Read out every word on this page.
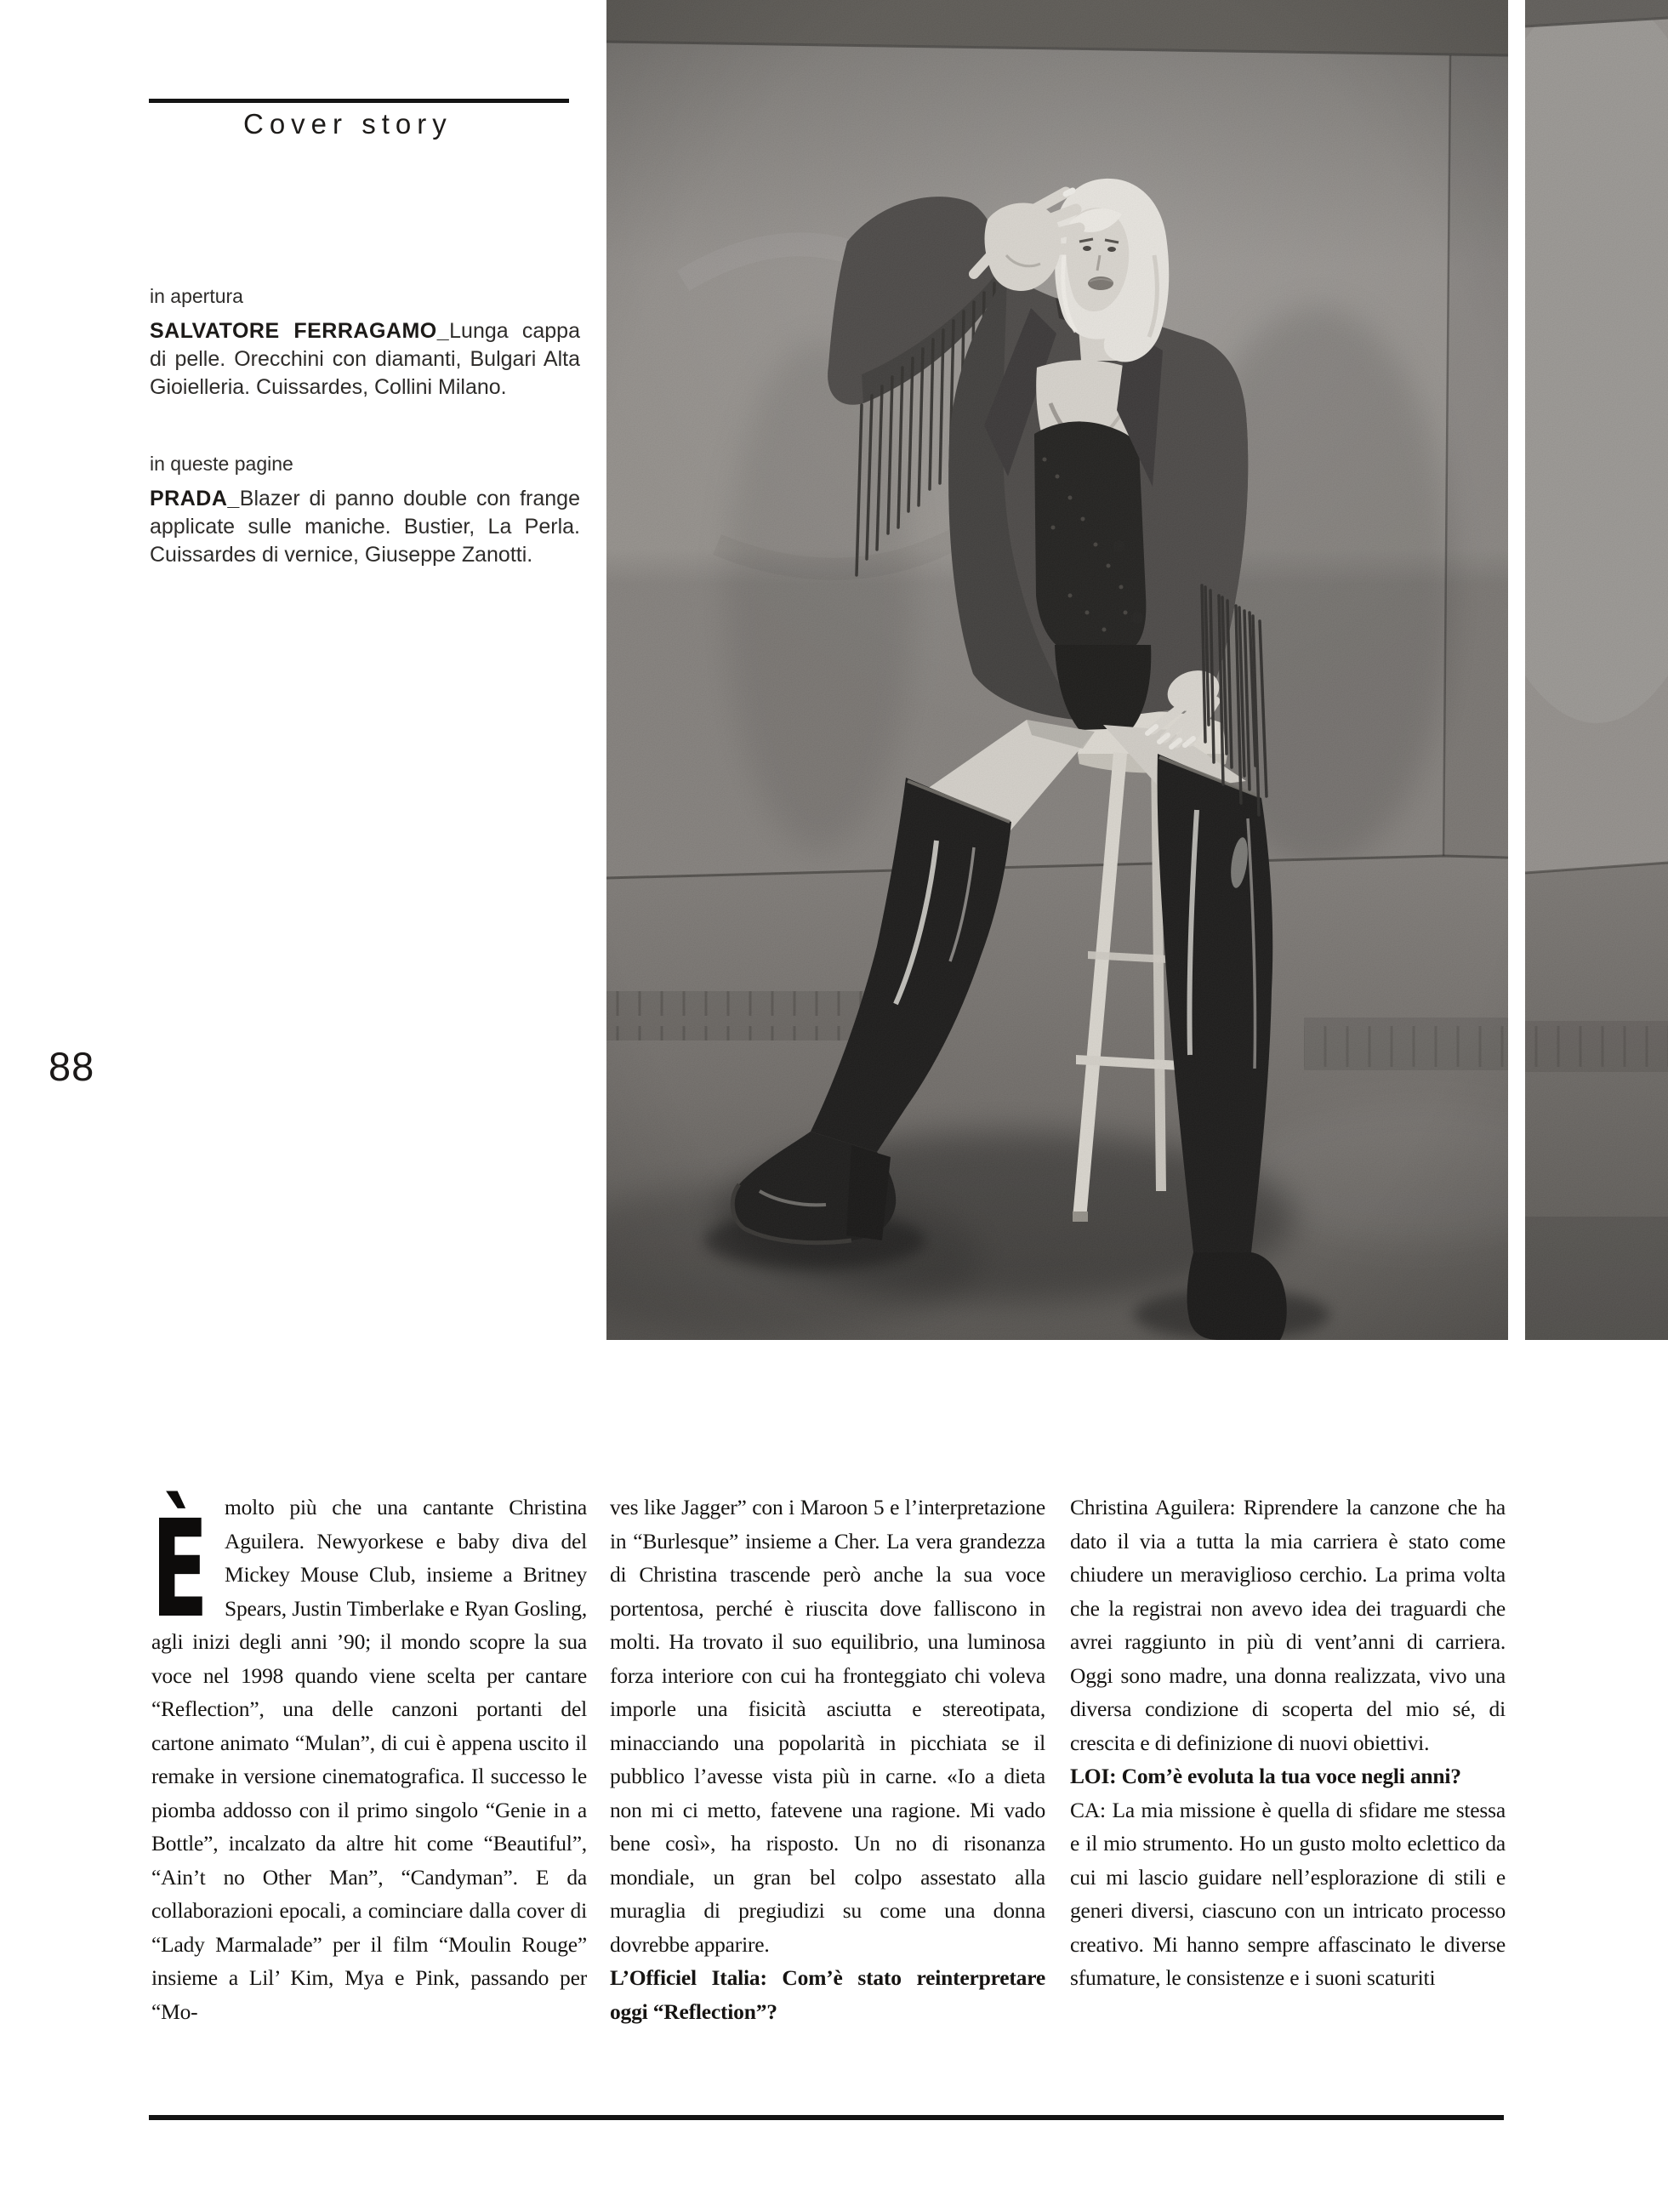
Cover story
in apertura

SALVATORE FERRAGAMO_Lunga cappa di pelle. Orecchini con diamanti, Bulgari Alta Gioielleria. Cuissardes, Collini Milano.

in queste pagine

PRADA_Blazer di panno double con frange applicate sulle maniche. Bustier, La Perla. Cuissardes di vernice, Giuseppe Zanotti.

88

Èmolto più che una cantante Christina Aguilera. Newyorkese e baby diva del Mickey Mouse Club, insieme a Britney Spears, Justin Timberlake e Ryan Gosling, agli inizi degli anni ’90; il mondo scopre la sua voce nel 1998 quando viene scelta per cantare “Reflection”, una delle canzoni portanti del cartone animato “Mulan”, di cui è appena uscito il remake in versione cinematografica. Il successo le piomba addosso con il primo singolo “Genie in a Bottle”, incalzato da altre hit come “Beautiful”, “Ain’t no Other Man”, “Candyman”. E da collaborazioni epocali, a cominciare dalla cover di “Lady Marmalade” per il film “Moulin Rouge” insieme a Lil’ Kim, Mya e Pink, passando per “Mo-

ves like Jagger” con i Maroon 5 e l’interpretazione in “Burlesque” insieme a Cher. La vera grandezza di Christina trascende però anche la sua voce portentosa, perché è riuscita dove falliscono in molti. Ha trovato il suo equilibrio, una luminosa forza interiore con cui ha fronteggiato chi voleva imporle una fisicità asciutta e stereotipata, minacciando una popolarità in picchiata se il pubblico l’avesse vista più in carne. «Io a dieta non mi ci metto, fatevene una ragione. Mi vado bene così», ha risposto. Un no di risonanza mondiale, un gran bel colpo assestato alla muraglia di pregiudizi su come una donna dovrebbe apparire.

L’Officiel Italia: Com’è stato reinterpretare oggi “Reflection”?

Christina Aguilera: Riprendere la canzone che ha dato il via a tutta la mia carriera è stato come chiudere un meraviglioso cerchio. La prima volta che la registrai non avevo idea dei traguardi che avrei raggiunto in più di vent’anni di carriera. Oggi sono madre, una donna realizzata, vivo una diversa condizione di scoperta del mio sé, di crescita e di definizione di nuovi obiettivi.

LOI: Com’è evoluta la tua voce negli anni?

CA: La mia missione è quella di sfidare me stessa e il mio strumento. Ho un gusto molto eclettico da cui mi lascio guidare nell’esplorazione di stili e generi diversi, ciascuno con un intricato processo creativo. Mi hanno sempre affascinato le diverse sfumature, le consistenze e i suoni scaturiti
